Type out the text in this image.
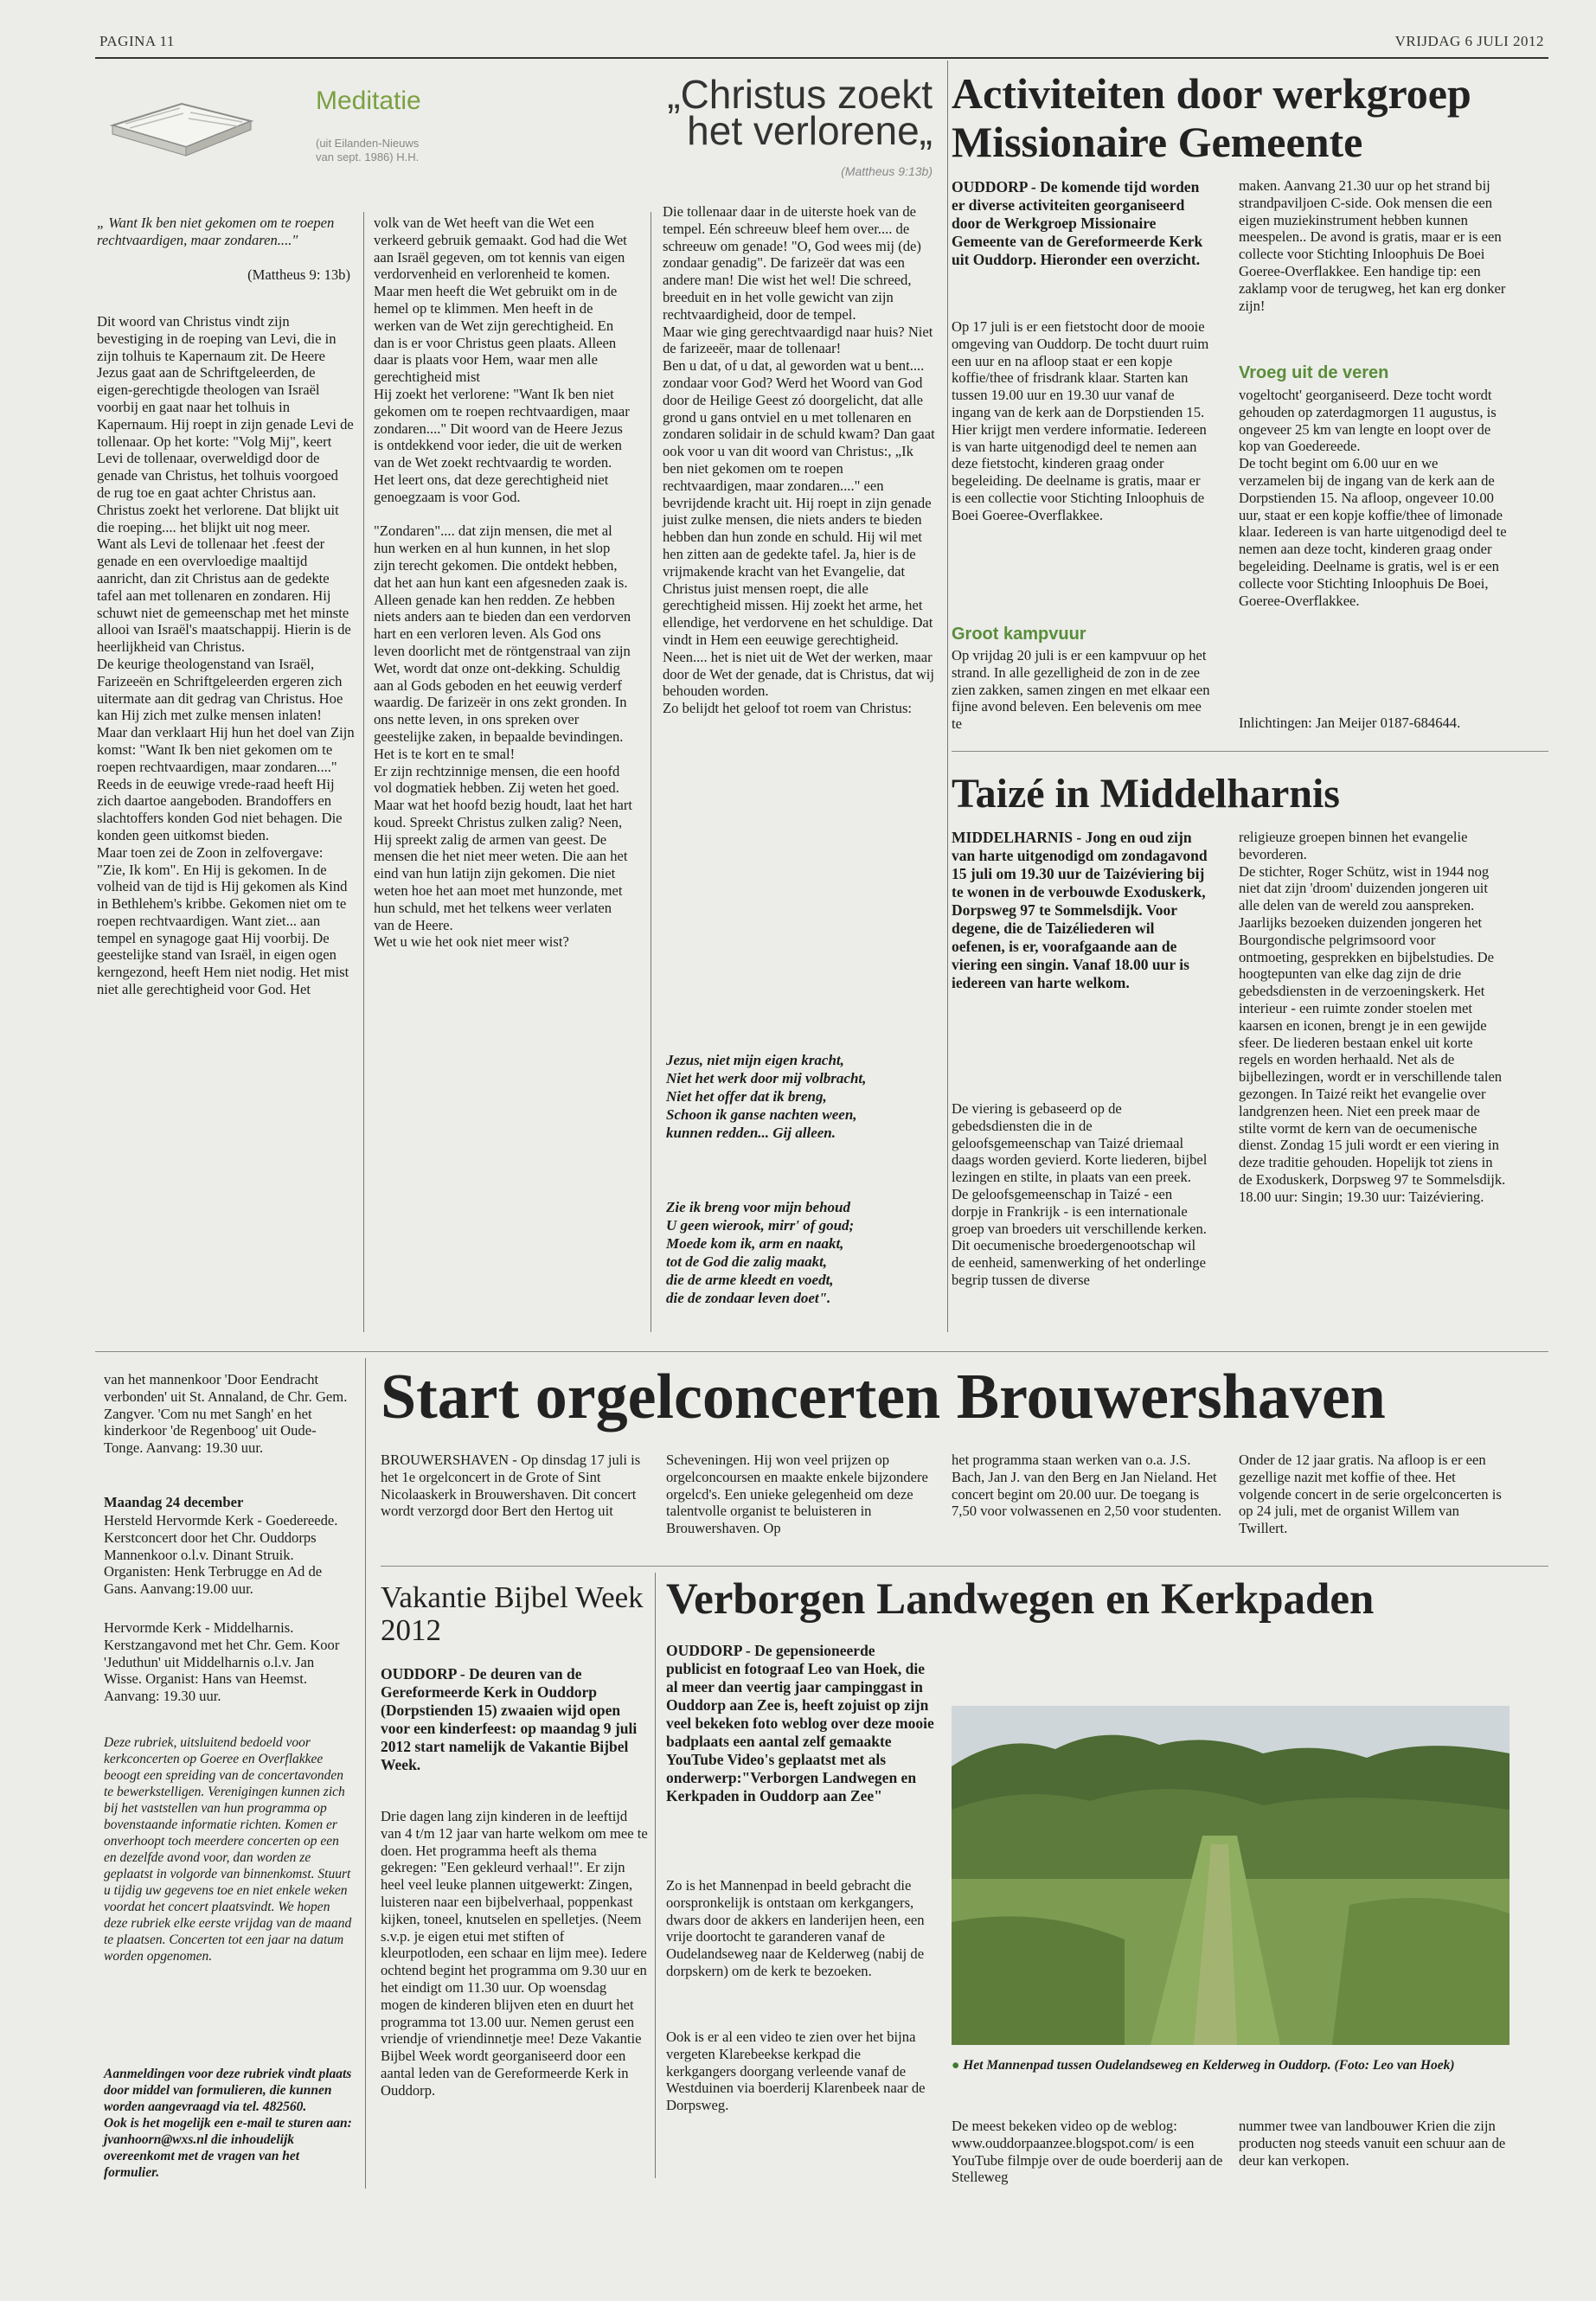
PAGINA 11	VRIJDAG 6 JULI 2012
Meditatie
(uit Eilanden-Nieuws
van sept. 1986) H.H.
„ Want Ik ben niet gekomen om te roepen rechtvaardigen, maar zondaren...."
(Mattheus 9: 13b)
Dit woord van Christus vindt zijn bevestiging in de roeping van Levi, die in zijn tolhuis te Kapernaum zit. De Heere Jezus gaat aan de Schriftgeleerden, de eigen-gerechtigde theologen van Israël voorbij en gaat naar het tolhuis in Kapernaum. Hij roept in zijn genade Levi de tollenaar. Op het korte: "Volg Mij", keert Levi de tollenaar, overweldigd door de genade van Christus, het tolhuis voorgoed de rug toe en gaat achter Christus aan. Christus zoekt het verlorene. Dat blijkt uit die roeping.... het blijkt uit nog meer.
Want als Levi de tollenaar het .feest der genade en een overvloedige maaltijd aanricht, dan zit Christus aan de gedekte tafel aan met tollenaren en zondaren. Hij schuwt niet de gemeenschap met het minste allooi van Israël's maatschappij. Hierin is de heerlijkheid van Christus.
De keurige theologenstand van Israël, Farizeeën en Schriftgeleerden ergeren zich uitermate aan dit gedrag van Christus. Hoe kan Hij zich met zulke mensen inlaten!
Maar dan verklaart Hij hun het doel van Zijn komst: "Want Ik ben niet gekomen om te roepen rechtvaardigen, maar zondaren...." Reeds in de eeuwige vrede-raad heeft Hij zich daartoe aangeboden. Brandoffers en slachtoffers konden God niet behagen. Die konden geen uitkomst bieden.
Maar toen zei de Zoon in zelfovergave: "Zie, Ik kom". En Hij is gekomen. In de volheid van de tijd is Hij gekomen als Kind in Bethlehem's kribbe. Gekomen niet om te roepen rechtvaardigen. Want ziet... aan tempel en synagoge gaat Hij voorbij. De geestelijke stand van Israël, in eigen ogen kerngezond, heeft Hem niet nodig. Het mist niet alle gerechtigheid voor God. Het
volk van de Wet heeft van die Wet een verkeerd gebruik gemaakt. God had die Wet aan Israël gegeven, om tot kennis van eigen verdorvenheid en verlorenheid te komen. Maar men heeft die Wet gebruikt om in de hemel op te klimmen. Men heeft in de werken van de Wet zijn gerechtigheid. En dan is er voor Christus geen plaats. Alleen daar is plaats voor Hem, waar men alle gerechtigheid mist
Hij zoekt het verlorene: "Want Ik ben niet gekomen om te roepen rechtvaardigen, maar zondaren...." Dit woord van de Heere Jezus is ontdekkend voor ieder, die uit de werken van de Wet zoekt rechtvaardig te worden. Het leert ons, dat deze gerechtigheid niet genoegzaam is voor God.

"Zondaren".... dat zijn mensen, die met al hun werken en al hun kunnen, in het slop zijn terecht gekomen. Die ontdekt hebben, dat het aan hun kant een afgesneden zaak is.
Alleen genade kan hen redden. Ze hebben niets anders aan te bieden dan een verdorven hart en een verloren leven. Als God ons leven doorlicht met de röntgenstraal van zijn Wet, wordt dat onze ont-dekking. Schuldig aan al Gods geboden en het eeuwig verderf waardig. De farizeër in ons zekt gronden. In ons nette leven, in ons spreken over geestelijke zaken, in bepaalde bevindingen. Het is te kort en te smal!
Er zijn rechtzinnige mensen, die een hoofd vol dogmatiek hebben. Zij weten het goed. Maar wat het hoofd bezig houdt, laat het hart koud. Spreekt Christus zulken zalig? Neen, Hij spreekt zalig de armen van geest. De mensen die het niet meer weten. Die aan het eind van hun latijn zijn gekomen. Die niet weten hoe het aan moet met hunzonde, met hun schuld, met het telkens weer verlaten van de Heere.
Wet u wie het ook niet meer wist?
„Christus zoekt
het verlorene„
(Mattheus 9:13b)
Die tollenaar daar in de uiterste hoek van de tempel. Eén schreeuw bleef hem over.... de schreeuw om genade! "O, God wees mij (de) zondaar genadig". De farizeër dat was een andere man! Die wist het wel! Die schreed, breeduit en in het volle gewicht van zijn rechtvaardigheid, door de tempel.
Maar wie ging gerechtvaardigd naar huis? Niet de farizeeër, maar de tollenaar!
Ben u dat, of u dat, al geworden wat u bent.... zondaar voor God? Werd het Woord van God door de Heilige Geest zó doorgelicht, dat alle grond u gans ontviel en u met tollenaren en zondaren solidair in de schuld kwam? Dan gaat ook voor u van dit woord van Christus:, „Ik ben niet gekomen om te roepen rechtvaardigen, maar zondaren...." een bevrijdende kracht uit. Hij roept in zijn genade juist zulke mensen, die niets anders te bieden hebben dan hun zonde en schuld. Hij wil met hen zitten aan de gedekte tafel. Ja, hier is de vrijmakende kracht van het Evangelie, dat Christus juist mensen roept, die alle gerechtigheid missen. Hij zoekt het arme, het ellendige, het verdorvene en het schuldige. Dat vindt in Hem een eeuwige gerechtigheid.
Neen.... het is niet uit de Wet der werken, maar door de Wet der genade, dat is Christus, dat wij behouden worden.
Zo belijdt het geloof tot roem van Christus:
Jezus, niet mijn eigen kracht,
Niet het werk door mij volbracht,
Niet het offer dat ik breng,
Schoon ik ganse nachten ween,
kunnen redden... Gij alleen.
Zie ik breng voor mijn behoud
U geen wierook, mirr' of goud;
Moede kom ik, arm en naakt,
tot de God die zalig maakt,
die de arme kleedt en voedt,
die de zondaar leven doet".
Activiteiten door werkgroep Missionaire Gemeente
OUDDORP - De komende tijd worden er diverse activiteiten georganiseerd door de Werkgroep Missionaire Gemeente van de Gereformeerde Kerk uit Ouddorp. Hieronder een overzicht.
Op 17 juli is er een fietstocht door de mooie omgeving van Ouddorp. De tocht duurt ruim een uur en na afloop staat er een kopje koffie/thee of frisdrank klaar. Starten kan tussen 19.00 uur en 19.30 uur vanaf de ingang van de kerk aan de Dorpstienden 15. Hier krijgt men verdere informatie. Iedereen is van harte uitgenodigd deel te nemen aan deze fietstocht, kinderen graag onder begeleiding. De deelname is gratis, maar er is een collectie voor Stichting Inloophuis de Boei Goeree-Overflakkee.
Groot kampvuur
Op vrijdag 20 juli is er een kampvuur op het strand. In alle gezelligheid de zon in de zee zien zakken, samen zingen en met elkaar een fijne avond beleven. Een belevenis om mee te
maken. Aanvang 21.30 uur op het strand bij strandpaviljoen C-side. Ook mensen die een eigen muziekinstrument hebben kunnen meespelen.. De avond is gratis, maar er is een collecte voor Stichting Inloophuis De Boei Goeree-Overflakkee. Een handige tip: een zaklamp voor de terugweg, het kan erg donker zijn!
Vroeg uit de veren
vogeltocht' georganiseerd. Deze tocht wordt gehouden op zaterdagmorgen 11 augustus, is ongeveer 25 km van lengte en loopt over de kop van Goedereede.
De tocht begint om 6.00 uur en we verzamelen bij de ingang van de kerk aan de Dorpstienden 15. Na afloop, ongeveer 10.00 uur, staat er een kopje koffie/thee of limonade klaar. Iedereen is van harte uitgenodigd deel te nemen aan deze tocht, kinderen graag onder begeleiding. Deelname is gratis, wel is er een collecte voor Stichting Inloophuis De Boei, Goeree-Overflakkee.
Inlichtingen: Jan Meijer 0187-684644.
Taizé in Middelharnis
MIDDELHARNIS - Jong en oud zijn van harte uitgenodigd om zondagavond 15 juli om 19.30 uur de Taizéviering bij te wonen in de verbouwde Exoduskerk, Dorpsweg 97 te Sommelsdijk. Voor degene, die de Taizéliederen wil oefenen, is er, voorafgaande aan de viering een singin. Vanaf 18.00 uur is iedereen van harte welkom.
De viering is gebaseerd op de gebedsdiensten die in de geloofsgemeenschap van Taizé driemaal daags worden gevierd. Korte liederen, bijbel lezingen en stilte, in plaats van een preek. De geloofsgemeenschap in Taizé - een dorpje in Frankrijk - is een internationale groep van broeders uit verschillende kerken. Dit oecumenische broedergenootschap wil de eenheid, samenwerking of het onderlinge begrip tussen de diverse
religieuze groepen binnen het evangelie bevorderen.
De stichter, Roger Schütz, wist in 1944 nog niet dat zijn 'droom' duizenden jongeren uit alle delen van de wereld zou aanspreken. Jaarlijks bezoeken duizenden jongeren het Bourgondische pelgrimsoord voor ontmoeting, gesprekken en bijbelstudies. De hoogtepunten van elke dag zijn de drie gebedsdiensten in de verzoeningskerk. Het interieur - een ruimte zonder stoelen met kaarsen en iconen, brengt je in een gewijde sfeer. De liederen bestaan enkel uit korte regels en worden herhaald. Net als de bijbellezingen, wordt er in verschillende talen gezongen. In Taizé reikt het evangelie over landgrenzen heen. Niet een preek maar de stilte vormt de kern van de oecumenische dienst. Zondag 15 juli wordt er een viering in deze traditie gehouden. Hopelijk tot ziens in de Exoduskerk, Dorpsweg 97 te Sommelsdijk. 18.00 uur: Singin; 19.30 uur: Taizéviering.
van het mannenkoor 'Door Eendracht verbonden' uit St. Annaland, de Chr. Gem. Zangver. 'Com nu met Sangh' en het kinderkoor 'de Regenboog' uit Oude-Tonge. Aanvang: 19.30 uur.
Maandag 24 december
Hersteld Hervormde Kerk - Goedereede. Kerstconcert door het Chr. Ouddorps Mannenkoor o.l.v. Dinant Struik. Organisten: Henk Terbrugge en Ad de Gans. Aanvang:19.00 uur.
Hervormde Kerk - Middelharnis. Kerstzangavond met het Chr. Gem. Koor 'Jeduthun' uit Middelharnis o.l.v. Jan Wisse. Organist: Hans van Heemst. Aanvang: 19.30 uur.
Deze rubriek, uitsluitend bedoeld voor kerkconcerten op Goeree en Overflakkee beoogt een spreiding van de concertavonden te bewerkstelligen. Verenigingen kunnen zich bij het vaststellen van hun programma op bovenstaande informatie richten. Komen er onverhoopt toch meerdere concerten op een en dezelfde avond voor, dan worden ze geplaatst in volgorde van binnenkomst. Stuurt u tijdig uw gegevens toe en niet enkele weken voordat het concert plaatsvindt. We hopen deze rubriek elke eerste vrijdag van de maand te plaatsen. Concerten tot een jaar na datum worden opgenomen.
Aanmeldingen voor deze rubriek vindt plaats door middel van formulieren, die kunnen worden aangevraagd via tel. 482560.
Ook is het mogelijk een e-mail te sturen aan: jvanhoorn@wxs.nl die inhoudelijk overeenkomt met de vragen van het formulier.
Start orgelconcerten Brouwershaven
BROUWERSHAVEN - Op dinsdag 17 juli is het 1e orgelconcert in de Grote of Sint Nicolaaskerk in Brouwershaven. Dit concert wordt verzorgd door Bert den Hertog uit
Scheveningen. Hij won veel prijzen op orgelconcoursen en maakte enkele bijzondere orgelcd's. Een unieke gelegenheid om deze talentvolle organist te beluisteren in Brouwershaven. Op
het programma staan werken van o.a. J.S. Bach, Jan J. van den Berg en Jan Nieland. Het concert begint om 20.00 uur. De toegang is 7,50 voor volwassenen en 2,50 voor studenten.
Onder de 12 jaar gratis. Na afloop is er een gezellige nazit met koffie of thee. Het volgende concert in de serie orgelconcerten is op 24 juli, met de organist Willem van Twillert.
Vakantie Bijbel Week 2012
OUDDORP - De deuren van de Gereformeerde Kerk in Ouddorp (Dorpstienden 15) zwaaien wijd open voor een kinderfeest: op maandag 9 juli 2012 start namelijk de Vakantie Bijbel Week.
Drie dagen lang zijn kinderen in de leeftijd van 4 t/m 12 jaar van harte welkom om mee te doen. Het programma heeft als thema gekregen: "Een gekleurd verhaal!". Er zijn heel veel leuke plannen uitgewerkt: Zingen, luisteren naar een bijbelverhaal, poppenkast kijken, toneel, knutselen en spelletjes. (Neem s.v.p. je eigen etui met stiften of kleurpotloden, een schaar en lijm mee). Iedere ochtend begint het programma om 9.30 uur en het eindigt om 11.30 uur. Op woensdag mogen de kinderen blijven eten en duurt het programma tot 13.00 uur. Nemen gerust een vriendje of vriendinnetje mee! Deze Vakantie Bijbel Week wordt georganiseerd door een aantal leden van de Gereformeerde Kerk in Ouddorp.
Verborgen Landwegen en Kerkpaden
OUDDORP - De gepensioneerde publicist en fotograaf Leo van Hoek, die al meer dan veertig jaar campinggast in Ouddorp aan Zee is, heeft zojuist op zijn veel bekeken foto weblog over deze mooie badplaats een aantal zelf gemaakte YouTube Video's geplaatst met als onderwerp:"Verborgen Landwegen en Kerkpaden in Ouddorp aan Zee"
Zo is het Mannenpad in beeld gebracht die oorspronkelijk is ontstaan om kerkgangers, dwars door de akkers en landerijen heen, een vrije doortocht te garanderen vanaf de Oudelandseweg naar de Kelderweg (nabij de dorpskern) om de kerk te bezoeken.
Ook is er al een video te zien over het bijna vergeten Klarebeekse kerkpad die kerkgangers doorgang verleende vanaf de Westduinen via boerderij Klarenbeek naar de Dorpsweg.
● Het Mannenpad tussen Oudelandseweg en Kelderweg in Ouddorp. (Foto: Leo van Hoek)
De meest bekeken video op de weblog: www.ouddorpaanzee.blogspot.com/ is een YouTube filmpje over de oude boerderij aan de Stelleweg
nummer twee van landbouwer Krien die zijn producten nog steeds vanuit een schuur aan de deur kan verkopen.
